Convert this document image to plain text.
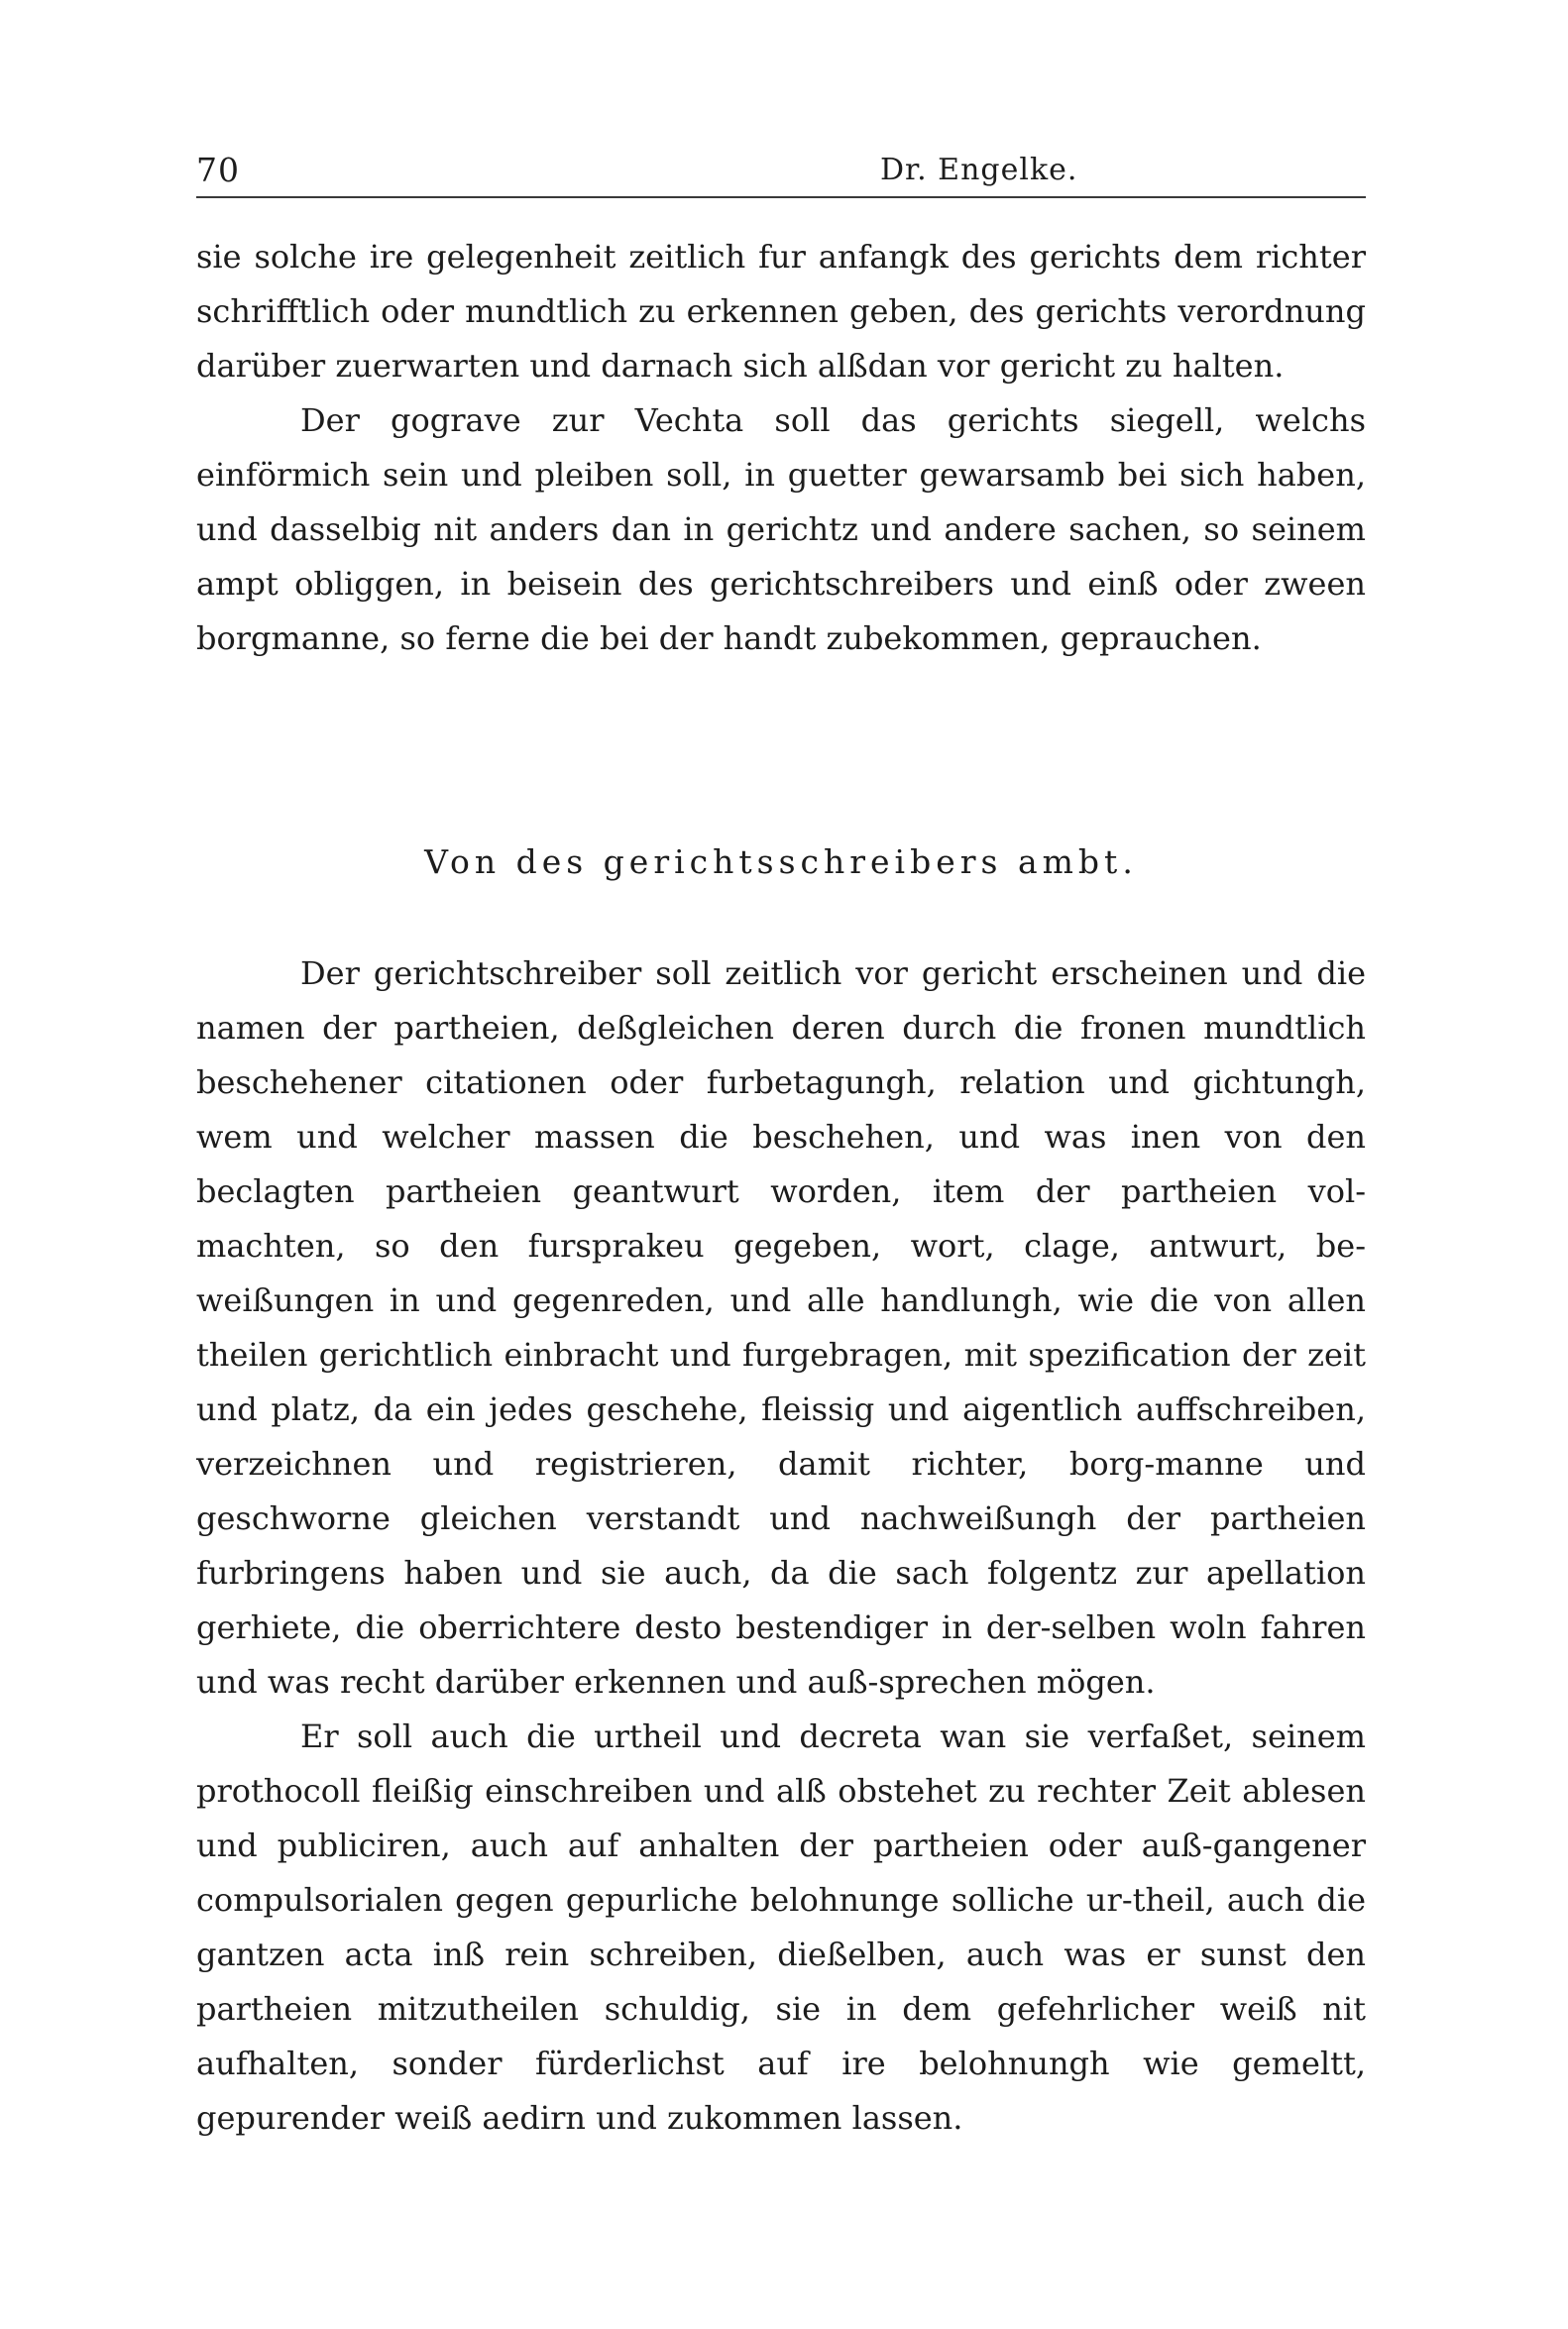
70	Dr. Engelke.

sie solche ire gelegenheit zeitlich fur anfangk des gerichts dem richter schrifftlich oder mundtlich zu erkennen geben, des gerichts verordnung darüber zuerwarten und darnach sich alßdan vor gericht zu halten.

Der gograve zur Vechta soll das gerichts siegell, welchs einförmich sein und pleiben soll, in guetter gewarsamb bei sich haben, und dasselbig nit anders dan in gerichtz und andere sachen, so seinem ampt obliggen, in beisein des gerichtschreibers und einß oder zween borgmanne, so ferne die bei der handt zubekommen, geprauchen.

Von des gerichtsschreibers ambt.

Der gerichtschreiber soll zeitlich vor gericht erscheinen und die namen der partheien, deßgleichen deren durch die fronen mundtlich beschehener citationen oder furbetagungh, relation und gichtungh, wem und welcher massen die beschehen, und was inen von den beclagten partheien geantwurt worden, item der partheien vol-machten, so den fursprakeu gegeben, wort, clage, antwurt, be-weißungen in und gegenreden, und alle handlungh, wie die von allen theilen gerichtlich einbracht und furgebragen, mit spezification der zeit und platz, da ein jedes geschehe, fleissig und aigentlich auffschreiben, verzeichnen und registrieren, damit richter, borg-manne und geschworne gleichen verstandt und nachweißungh der partheien furbringens haben und sie auch, da die sach folgentz zur apellation gerhiete, die oberrichtere desto bestendiger in der-selben woln fahren und was recht darüber erkennen und auß-sprechen mögen.

Er soll auch die urtheil und decreta wan sie verfaßet, seinem prothocoll fleißig einschreiben und alß obstehet zu rechter Zeit ablesen und publiciren, auch auf anhalten der partheien oder auß-gangener compulsorialen gegen gepurliche belohnunge solliche ur-theil, auch die gantzen acta inß rein schreiben, dießelben, auch was er sunst den partheien mitzutheilen schuldig, sie in dem gefehrlicher weiß nit aufhalten, sonder fürderlichst auf ire belohnungh wie gemeltt, gepurender weiß aedirn und zukommen lassen.
